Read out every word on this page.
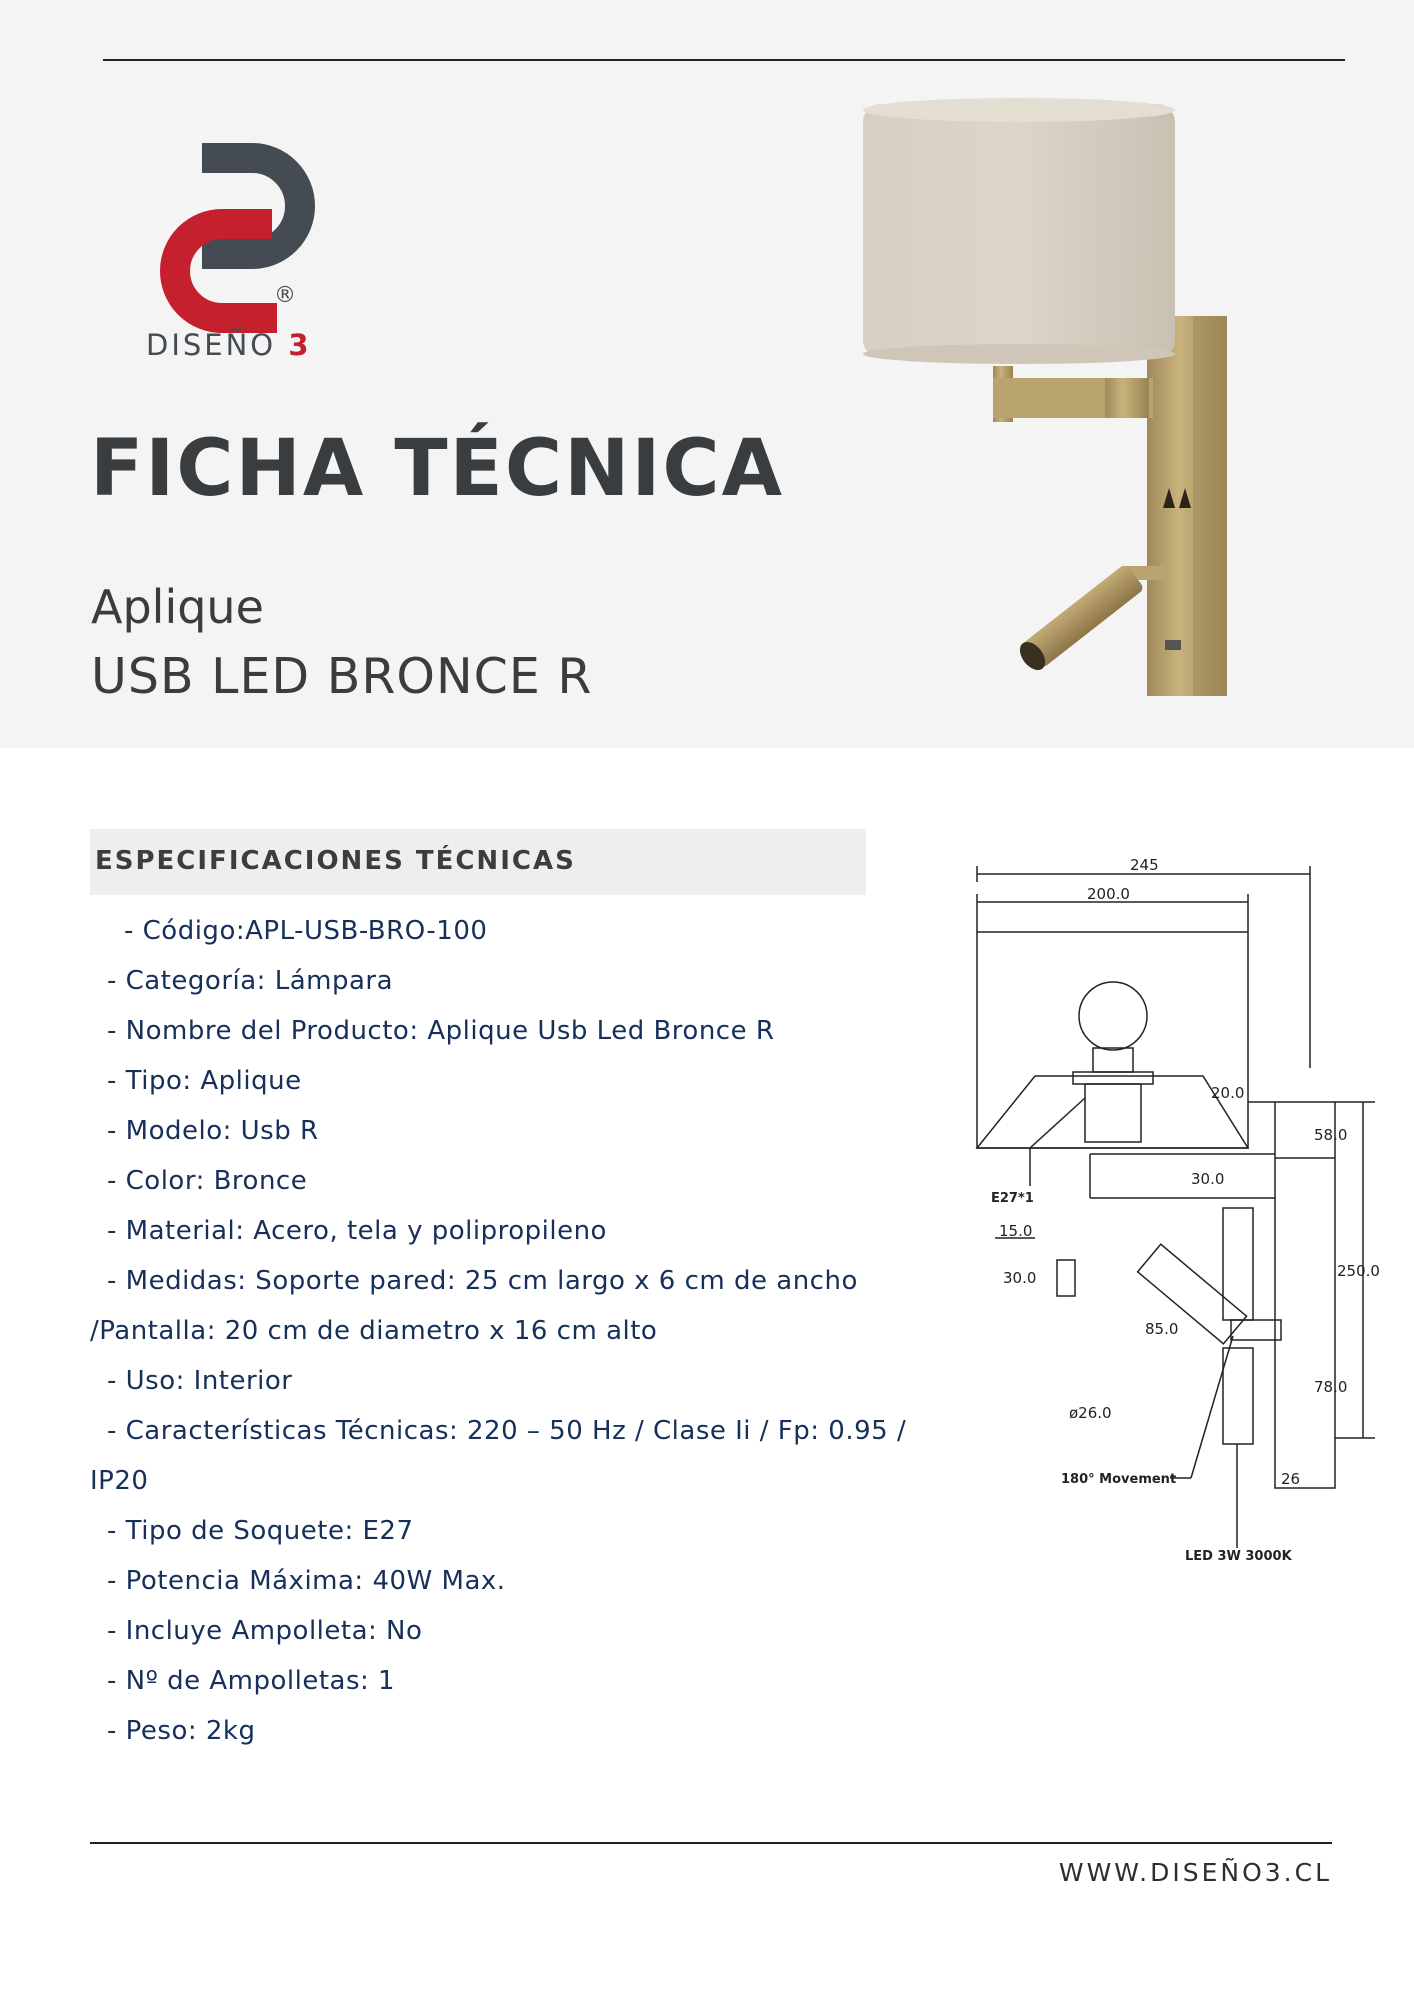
®
DISEÑO 3
FICHA TÉCNICA
Aplique
USB LED BRONCE R
ESPECIFICACIONES TÉCNICAS
- Código:APL-USB-BRO-100
- Categoría: Lámpara
- Nombre del Producto: Aplique Usb Led Bronce R
- Tipo: Aplique
- Modelo: Usb R
- Color: Bronce
- Material: Acero, tela y polipropileno
- Medidas: Soporte pared: 25 cm largo x 6 cm de ancho
/Pantalla: 20 cm de diametro x 16 cm alto
- Uso: Interior
- Características Técnicas: 220 – 50 Hz / Clase Ii / Fp: 0.95 /
IP20
- Tipo de Soquete: E27
- Potencia Máxima: 40W Max.
- Incluye Ampolleta: No
- Nº de Ampolletas: 1
- Peso: 2kg
245
200.0
E27*1
20.0
30.0
58.0
250.0
78.0
15.0
30.0
85.0
ø26.0
180° Movement	26
LED 3W 3000K
WWW.DISEÑO3.CL
